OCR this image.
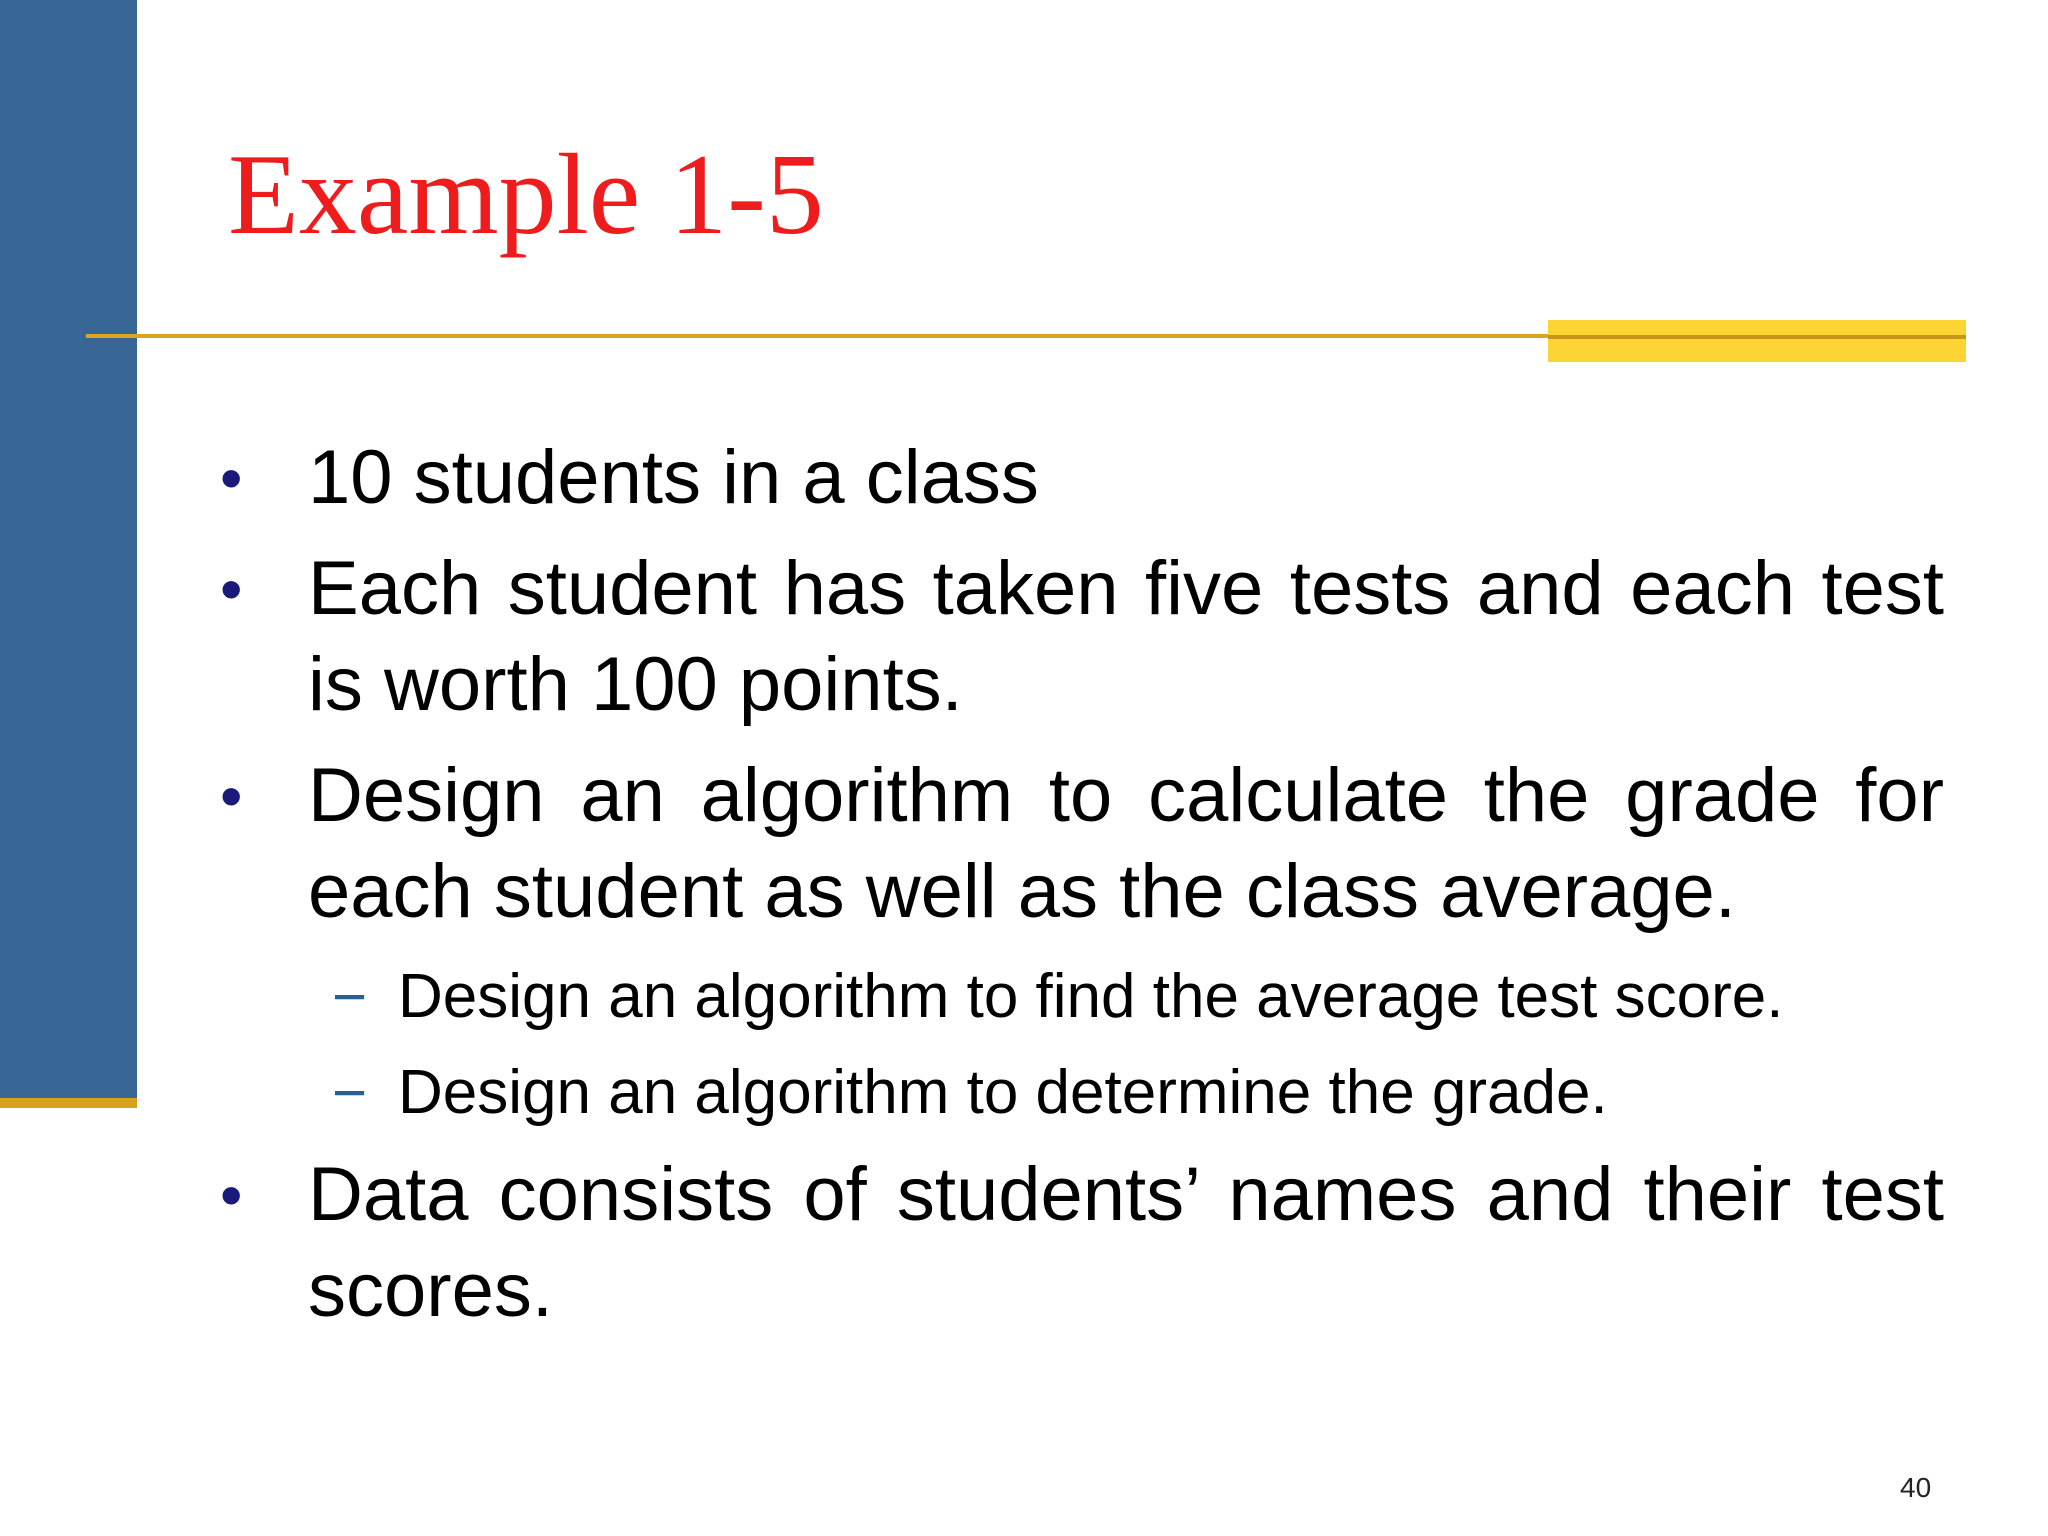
Example 1-5
• 10 students in a class
• Each student has taken five tests and each test is worth 100 points.
• Design an algorithm to calculate the grade for each student as well as the class average.
− Design an algorithm to find the average test score.
− Design an algorithm to determine the grade.
• Data consists of students’ names and their test scores.
40
